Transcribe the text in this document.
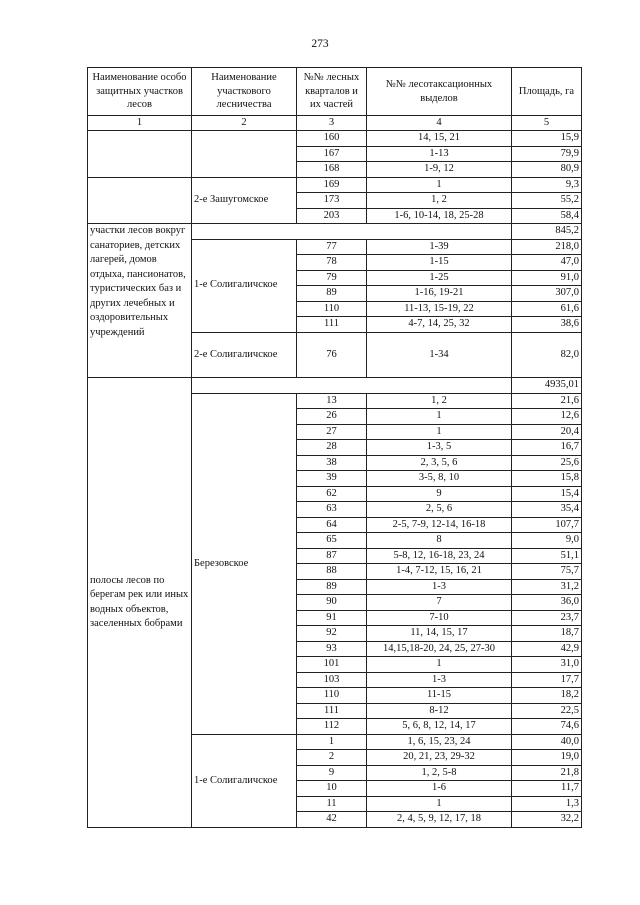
273
Наименование особо защитных участков лесов	Наименование участкового лесничества	№№ лесных кварталов и их частей	№№ лесотаксационных выделов	Площадь, га
1	2	3	4	5
		160	14, 15, 21	15,9
		167	1-13	79,9
		168	1-9, 12	80,9
	2-е Зашугомское	169	1	9,3
		173	1, 2	55,2
		203	1-6, 10-14, 18, 25-28	58,4
участки лесов вокруг санаториев, детских лагерей, домов отдыха, пансионатов, туристических баз и других лечебных и оздоровительных учреждений				845,2
	1-е Солигаличское	77	1-39	218,0
		78	1-15	47,0
		79	1-25	91,0
		89	1-16, 19-21	307,0
		110	11-13, 15-19, 22	61,6
		111	4-7, 14, 25, 32	38,6
	2-е Солигаличское	76	1-34	82,0
полосы лесов по берегам рек или иных водных объектов, заселенных бобрами				4935,01
	Березовское	13	1, 2	21,6
		26	1	12,6
		27	1	20,4
		28	1-3, 5	16,7
		38	2, 3, 5, 6	25,6
		39	3-5, 8, 10	15,8
		62	9	15,4
		63	2, 5, 6	35,4
		64	2-5, 7-9, 12-14, 16-18	107,7
		65	8	9,0
		87	5-8, 12, 16-18, 23, 24	51,1
		88	1-4, 7-12, 15, 16, 21	75,7
		89	1-3	31,2
		90	7	36,0
		91	7-10	23,7
		92	11, 14, 15, 17	18,7
		93	14,15,18-20, 24, 25, 27-30	42,9
		101	1	31,0
		103	1-3	17,7
		110	11-15	18,2
		111	8-12	22,5
		112	5, 6, 8, 12, 14, 17	74,6
	1-е Солигаличское	1	1, 6, 15, 23, 24	40,0
		2	20, 21, 23, 29-32	19,0
		9	1, 2, 5-8	21,8
		10	1-6	11,7
		11	1	1,3
		42	2, 4, 5, 9, 12, 17, 18	32,2
